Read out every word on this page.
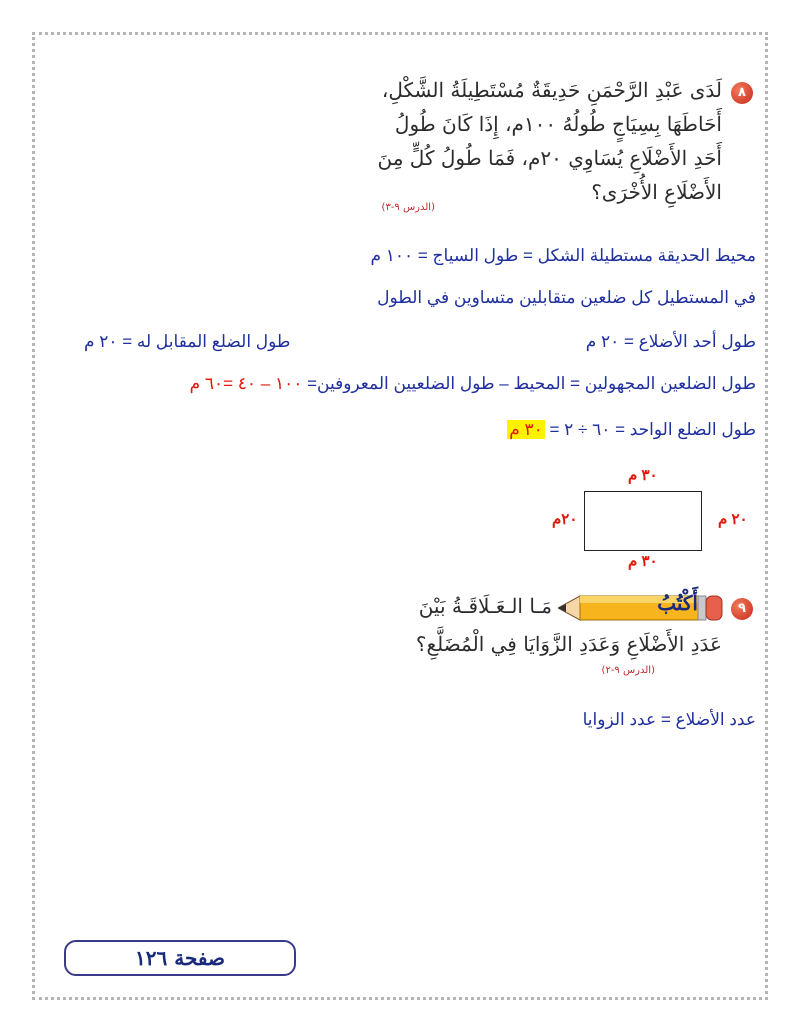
٨
لَدَى عَبْدِ الرَّحْمَنِ حَدِيقَةٌ مُسْتَطِيلَةُ الشَّكْلِ،
أَحَاطَهَا بِسِيَاجٍ طُولُهُ ١٠٠م، إِذَا كَانَ طُولُ
أَحَدِ الأَضْلَاعِ يُسَاوِي ٢٠م، فَمَا طُولُ كُلٍّ مِنَ
الأَضْلَاعِ الأُخْرَى؟
(الدرس ٩-٣)
محيط الحديقة مستطيلة الشكل = طول السياج = ١٠٠ م
في المستطيل كل ضلعين متقابلين متساوين في الطول
طول أحد الأضلاع = ٢٠ م
طول الضلع المقابل له = ٢٠ م
طول الضلعين المجهولين = المحيط – طول الضلعيين المعروفين= ١٠٠ – ٤٠ =٦٠ م
طول الضلع الواحد = ٦٠ ÷ ٢ = ٣٠ م
٣٠ م
٣٠ م
٢٠م	٢٠ م
٩
أَكْتُبُ
مَـا الـعَـلَاقَـةُ بَيْنَ
عَدَدِ الأَضْلَاعِ وَعَدَدِ الزَّوَايَا فِي الْمُضَلَّعِ؟
(الدرس ٩-٢)
عدد الأضلاع = عدد الزوايا
صفحة ١٢٦
